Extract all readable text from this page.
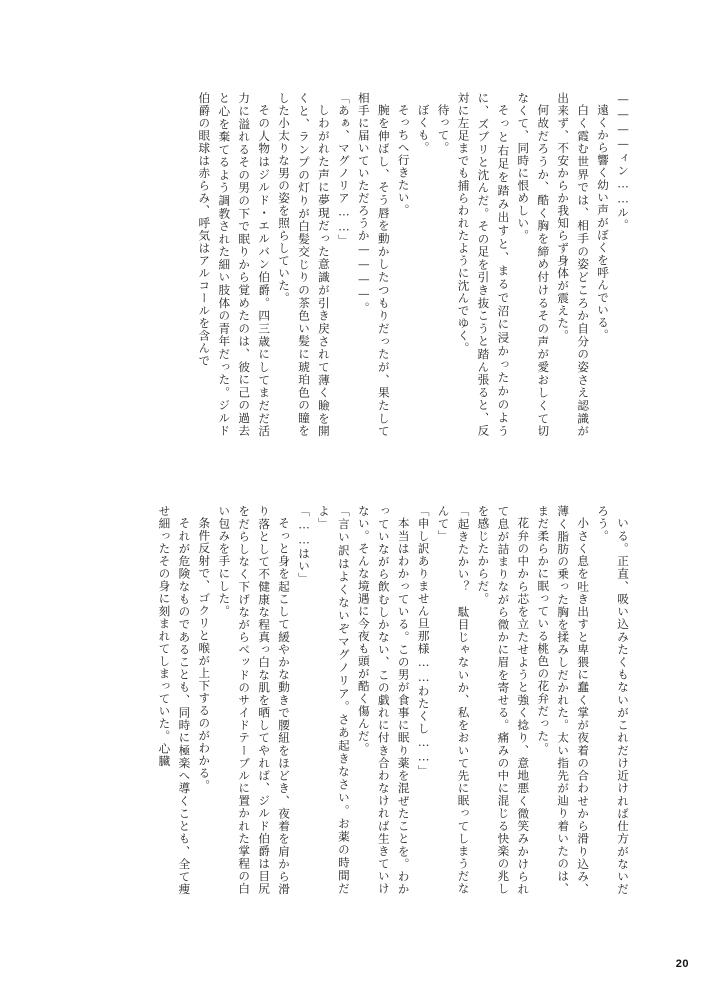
————ィン……ル。

遠くから響く幼い声がぼくを呼んでいる。

白く霞む世界では、相手の姿どころか自分の姿さえ認識が出来ず、不安からか我知らず身体が震えた。

何故だろうか、酷く胸を締め付けるその声が愛おしくて切なくて、同時に恨めしい。

そっと右足を踏み出すと、まるで沼に浸かったかのように、ズブリと沈んだ。その足を引き抜こうと踏ん張ると、反対に左足までも捕らわれたように沈んでゆく。

待って。

ぼくも。

そっちへ行きたい。

腕を伸ばし、そう唇を動かしたつもりだったが、果たして相手に届いていただろうか————。

「あぁ、マグノリア……」

しわがれた声に夢現だった意識が引き戻されて薄く瞼を開くと、ランプの灯りが白髪交じりの茶色い髪に琥珀色の瞳をした小太りな男の姿を照らしていた。

その人物はジルド・エルバン伯爵。四三歳にしてまだだ活力に溢れるその男の下で眠りから覚めたのは、彼に己の過去と心を棄てるよう調教された細い肢体の青年だった。ジルド伯爵の眼球は赤らみ、呼気はアルコールを含んで

いる。正直、吸い込みたくもないがこれだけ近ければ仕方がないだろう。

小さく息を吐き出すと卑猥に蠢く掌が夜着の合わせから滑り込み、薄く脂肪の乗った胸を揉みしだかれた。太い指先が辿り着いたのは、まだ柔らかに眠っている桃色の花弁だった。

花弁の中から芯を立たせようと強く捻り、意地悪く微笑みかけられて息が詰まりながら微かに眉を寄せる。痛みの中に混じる快楽の兆しを感じたからだ。

「起きたかい？　駄目じゃないか、私をおいて先に眠ってしまうだなんて」

「申し訳ありません旦那様……わたくし……」

本当はわかっている。この男が食事に眠り薬を混ぜたことを。わかっていながら飲むしかない、この戯れに付き合わなければ生きていけない。そんな境遇に今夜も頭が酷く傷んだ。

「言い訳はよくないぞマグノリア。さあ起きなさい。お薬の時間だよ」

「……はい」

そっと身を起こして緩やかな動きで腰紐をほどき、夜着を肩から滑り落として不健康な程真っ白な肌を晒してやれば、ジルド伯爵は目尻をだらしなく下げながらベッドのサイドテーブルに置かれた掌程の白い包みを手にした。

条件反射で、ゴクリと喉が上下するのがわかる。

それが危険なものであることも、同時に極楽へ導くことも、全て痩せ細ったその身に刻まれてしまっていた。心臓

20
